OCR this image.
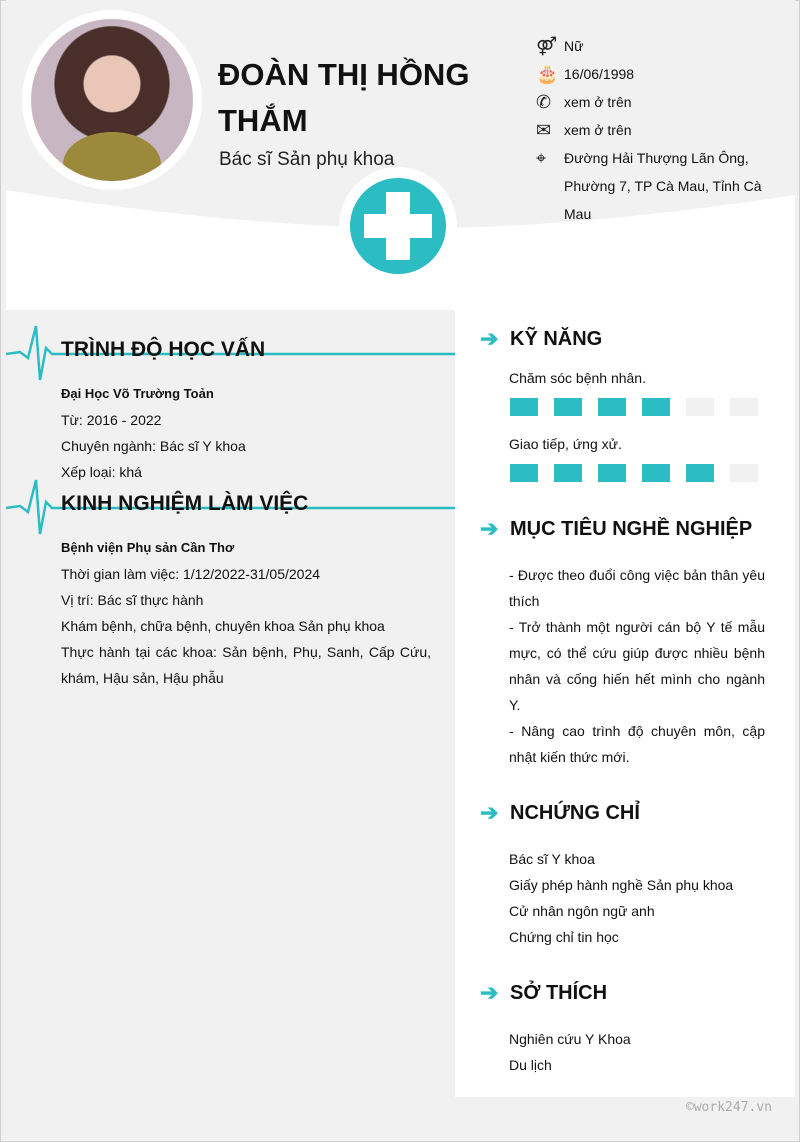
ĐOÀN THỊ HỒNG THẮM
Bác sĩ Sản phụ khoa
⚤ Nữ
🎂 16/06/1998
✆ xem ở trên
✉ xem ở trên
⌖	Đường Hải Thượng Lãn Ông, Phường 7, TP Cà Mau, Tỉnh Cà Mau
TRÌNH ĐỘ HỌC VẤN
Đại Học Võ Trường Toản
Từ: 2016 - 2022
Chuyên ngành: Bác sĩ Y khoa
Xếp loại: khá
KINH NGHIỆM LÀM VIỆC
Bệnh viện Phụ sản Cần Thơ
Thời gian làm việc: 1/12/2022-31/05/2024
Vị trí: Bác sĩ thực hành
Khám bệnh, chữa bệnh, chuyên khoa Sản phụ khoa
Thực hành tại các khoa: Sản bệnh, Phụ, Sanh, Cấp Cứu, khám, Hậu sản, Hậu phẫu
➔ KỸ NĂNG
Chăm sóc bệnh nhân.
Giao tiếp, ứng xử.
➔ MỤC TIÊU NGHỀ NGHIỆP
- Được theo đuổi công việc bản thân yêu thích
- Trở thành một người cán bộ Y tế mẫu mực, có thể cứu giúp được nhiều bệnh nhân và cống hiến hết mình cho ngành Y.
- Nâng cao trình độ chuyên môn, cập nhật kiến thức mới.
➔ NCHỨNG CHỈ
Bác sĩ Y khoa
Giấy phép hành nghề Sản phụ khoa
Cử nhân ngôn ngữ anh
Chứng chỉ tin học
➔ SỞ THÍCH
Nghiên cứu Y Khoa
Du lịch
©work247.vn
